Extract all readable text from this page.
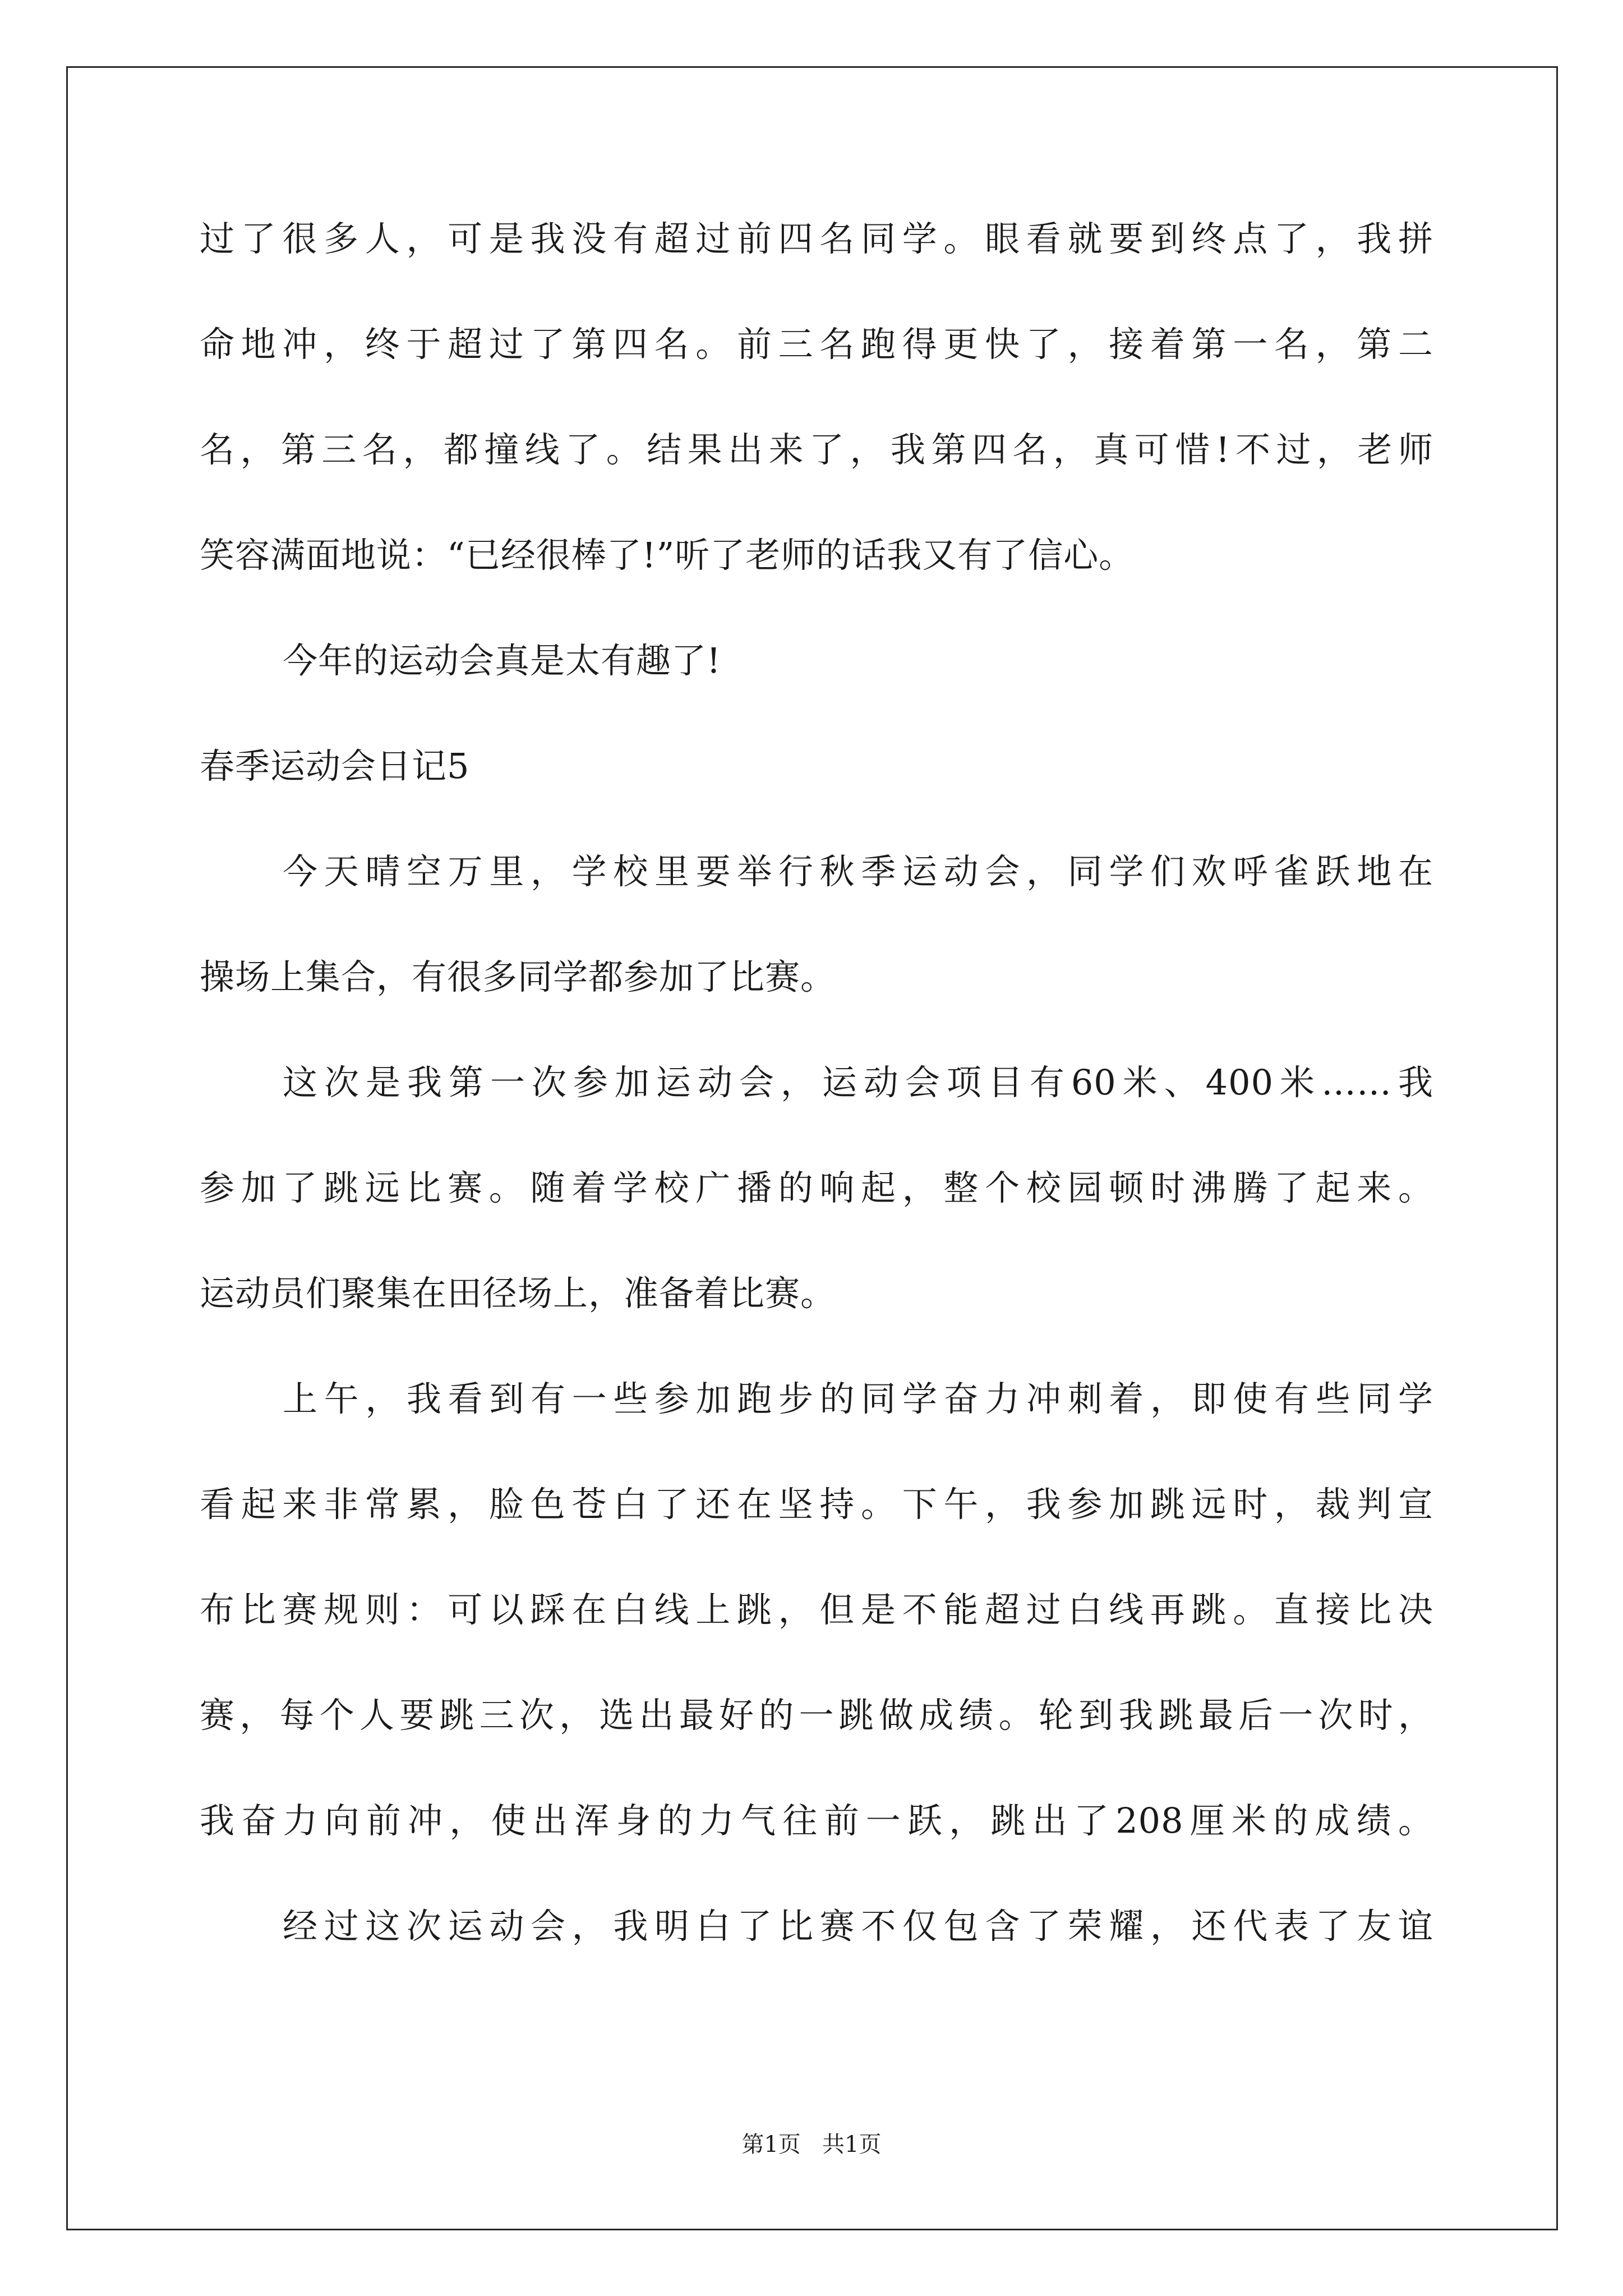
过了很多人，可是我没有超过前四名同学。眼看就要到终点了，我拼
命地冲，终于超过了第四名。前三名跑得更快了，接着第一名，第二
名，第三名，都撞线了。结果出来了，我第四名，真可惜!不过，老师
笑容满面地说：“已经很棒了!”听了老师的话我又有了信心。
今年的运动会真是太有趣了!
春季运动会日记5
今天晴空万里，学校里要举行秋季运动会，同学们欢呼雀跃地在
操场上集合，有很多同学都参加了比赛。
这次是我第一次参加运动会，运动会项目有60米、400米……我
参加了跳远比赛。随着学校广播的响起，整个校园顿时沸腾了起来。
运动员们聚集在田径场上，准备着比赛。
上午，我看到有一些参加跑步的同学奋力冲刺着，即使有些同学
看起来非常累，脸色苍白了还在坚持。下午，我参加跳远时，裁判宣
布比赛规则：可以踩在白线上跳，但是不能超过白线再跳。直接比决
赛，每个人要跳三次，选出最好的一跳做成绩。轮到我跳最后一次时，
我奋力向前冲，使出浑身的力气往前一跃，跳出了208厘米的成绩。
经过这次运动会，我明白了比赛不仅包含了荣耀，还代表了友谊
第1页   共1页
